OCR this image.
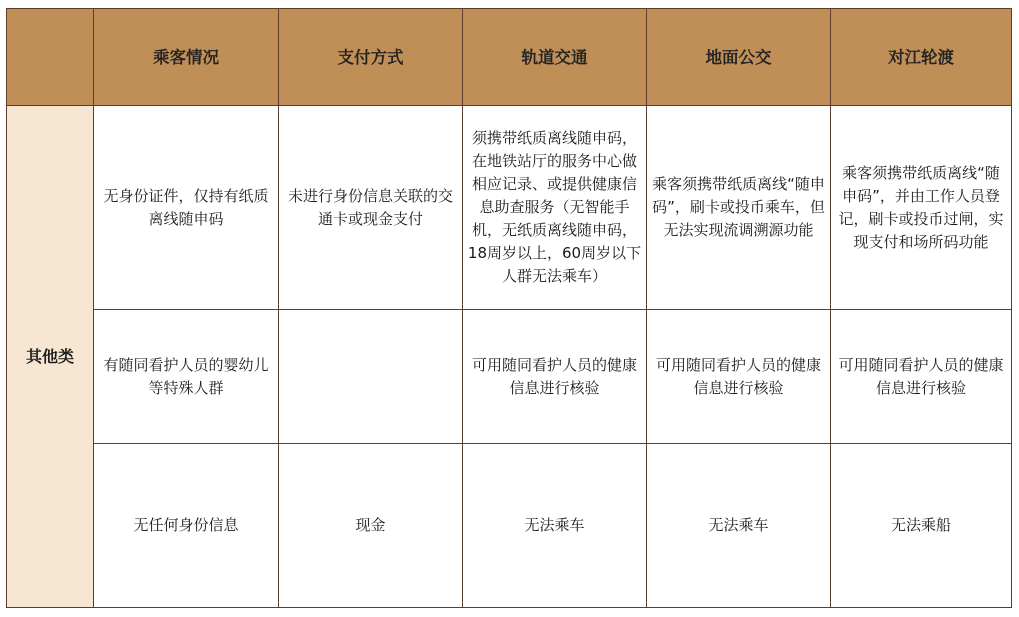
	乘客情况	支付方式	轨道交通	地面公交	对江轮渡
其他类	无身份证件，仅持有纸质离线随申码	未进行身份信息关联的交通卡或现金支付	须携带纸质离线随申码，在地铁站厅的服务中心做相应记录、或提供健康信息助查服务（无智能手机，无纸质离线随申码，18周岁以上，60周岁以下人群无法乘车）	乘客须携带纸质离线“随申码”，刷卡或投币乘车，但无法实现流调溯源功能	乘客须携带纸质离线“随申码”，并由工作人员登记，刷卡或投币过闸，实现支付和场所码功能
	有随同看护人员的婴幼儿等特殊人群		可用随同看护人员的健康信息进行核验	可用随同看护人员的健康信息进行核验	可用随同看护人员的健康信息进行核验
	无任何身份信息	现金	无法乘车	无法乘车	无法乘船
